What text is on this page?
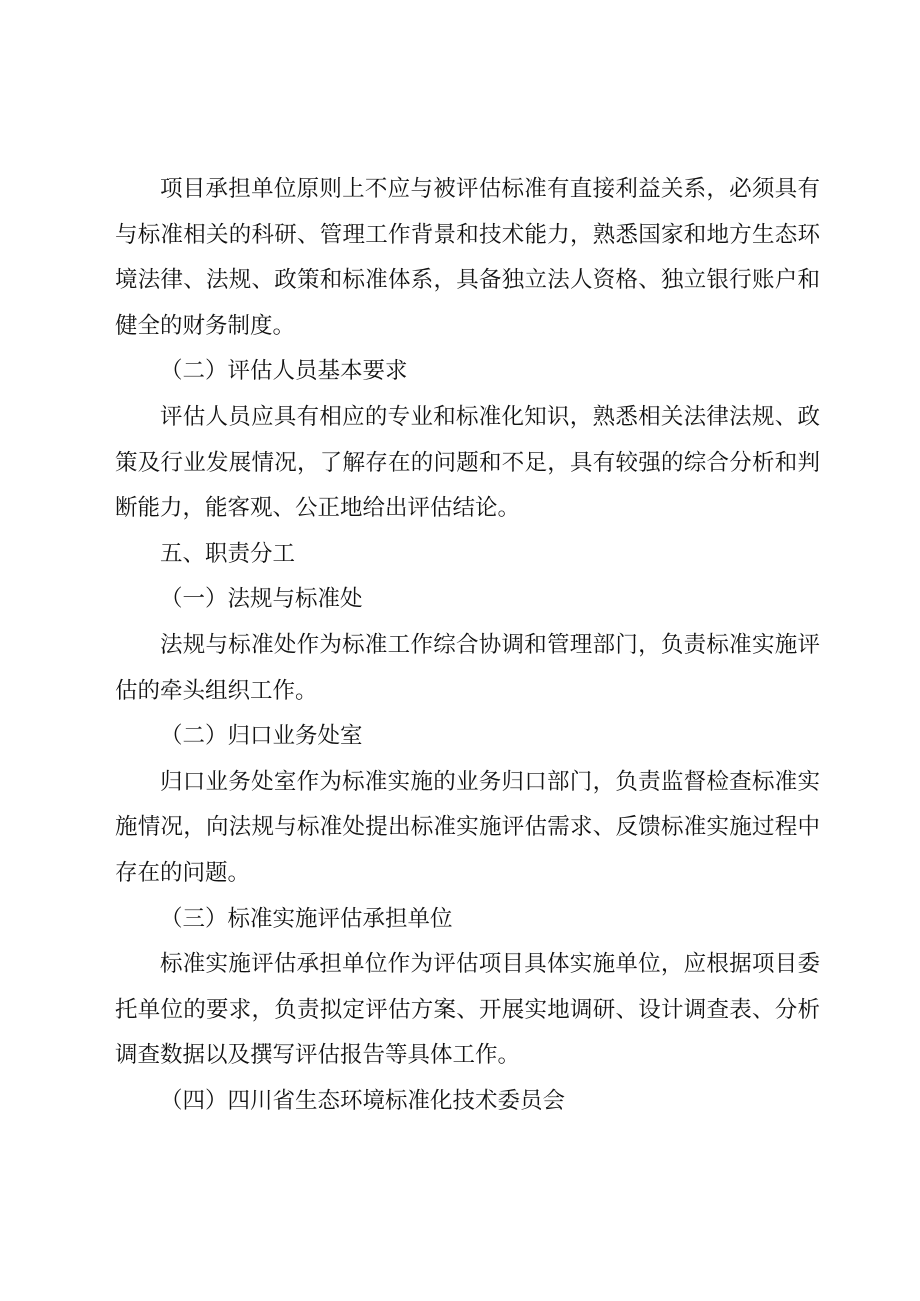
项目承担单位原则上不应与被评估标准有直接利益关系，必须具有与标准相关的科研、管理工作背景和技术能力，熟悉国家和地方生态环境法律、法规、政策和标准体系，具备独立法人资格、独立银行账户和健全的财务制度。

（二）评估人员基本要求

评估人员应具有相应的专业和标准化知识，熟悉相关法律法规、政策及行业发展情况，了解存在的问题和不足，具有较强的综合分析和判断能力，能客观、公正地给出评估结论。

五、职责分工

（一）法规与标准处

法规与标准处作为标准工作综合协调和管理部门，负责标准实施评估的牵头组织工作。

（二）归口业务处室

归口业务处室作为标准实施的业务归口部门，负责监督检查标准实施情况，向法规与标准处提出标准实施评估需求、反馈标准实施过程中存在的问题。

（三）标准实施评估承担单位

标准实施评估承担单位作为评估项目具体实施单位，应根据项目委托单位的要求，负责拟定评估方案、开展实地调研、设计调查表、分析调查数据以及撰写评估报告等具体工作。

（四）四川省生态环境标准化技术委员会
